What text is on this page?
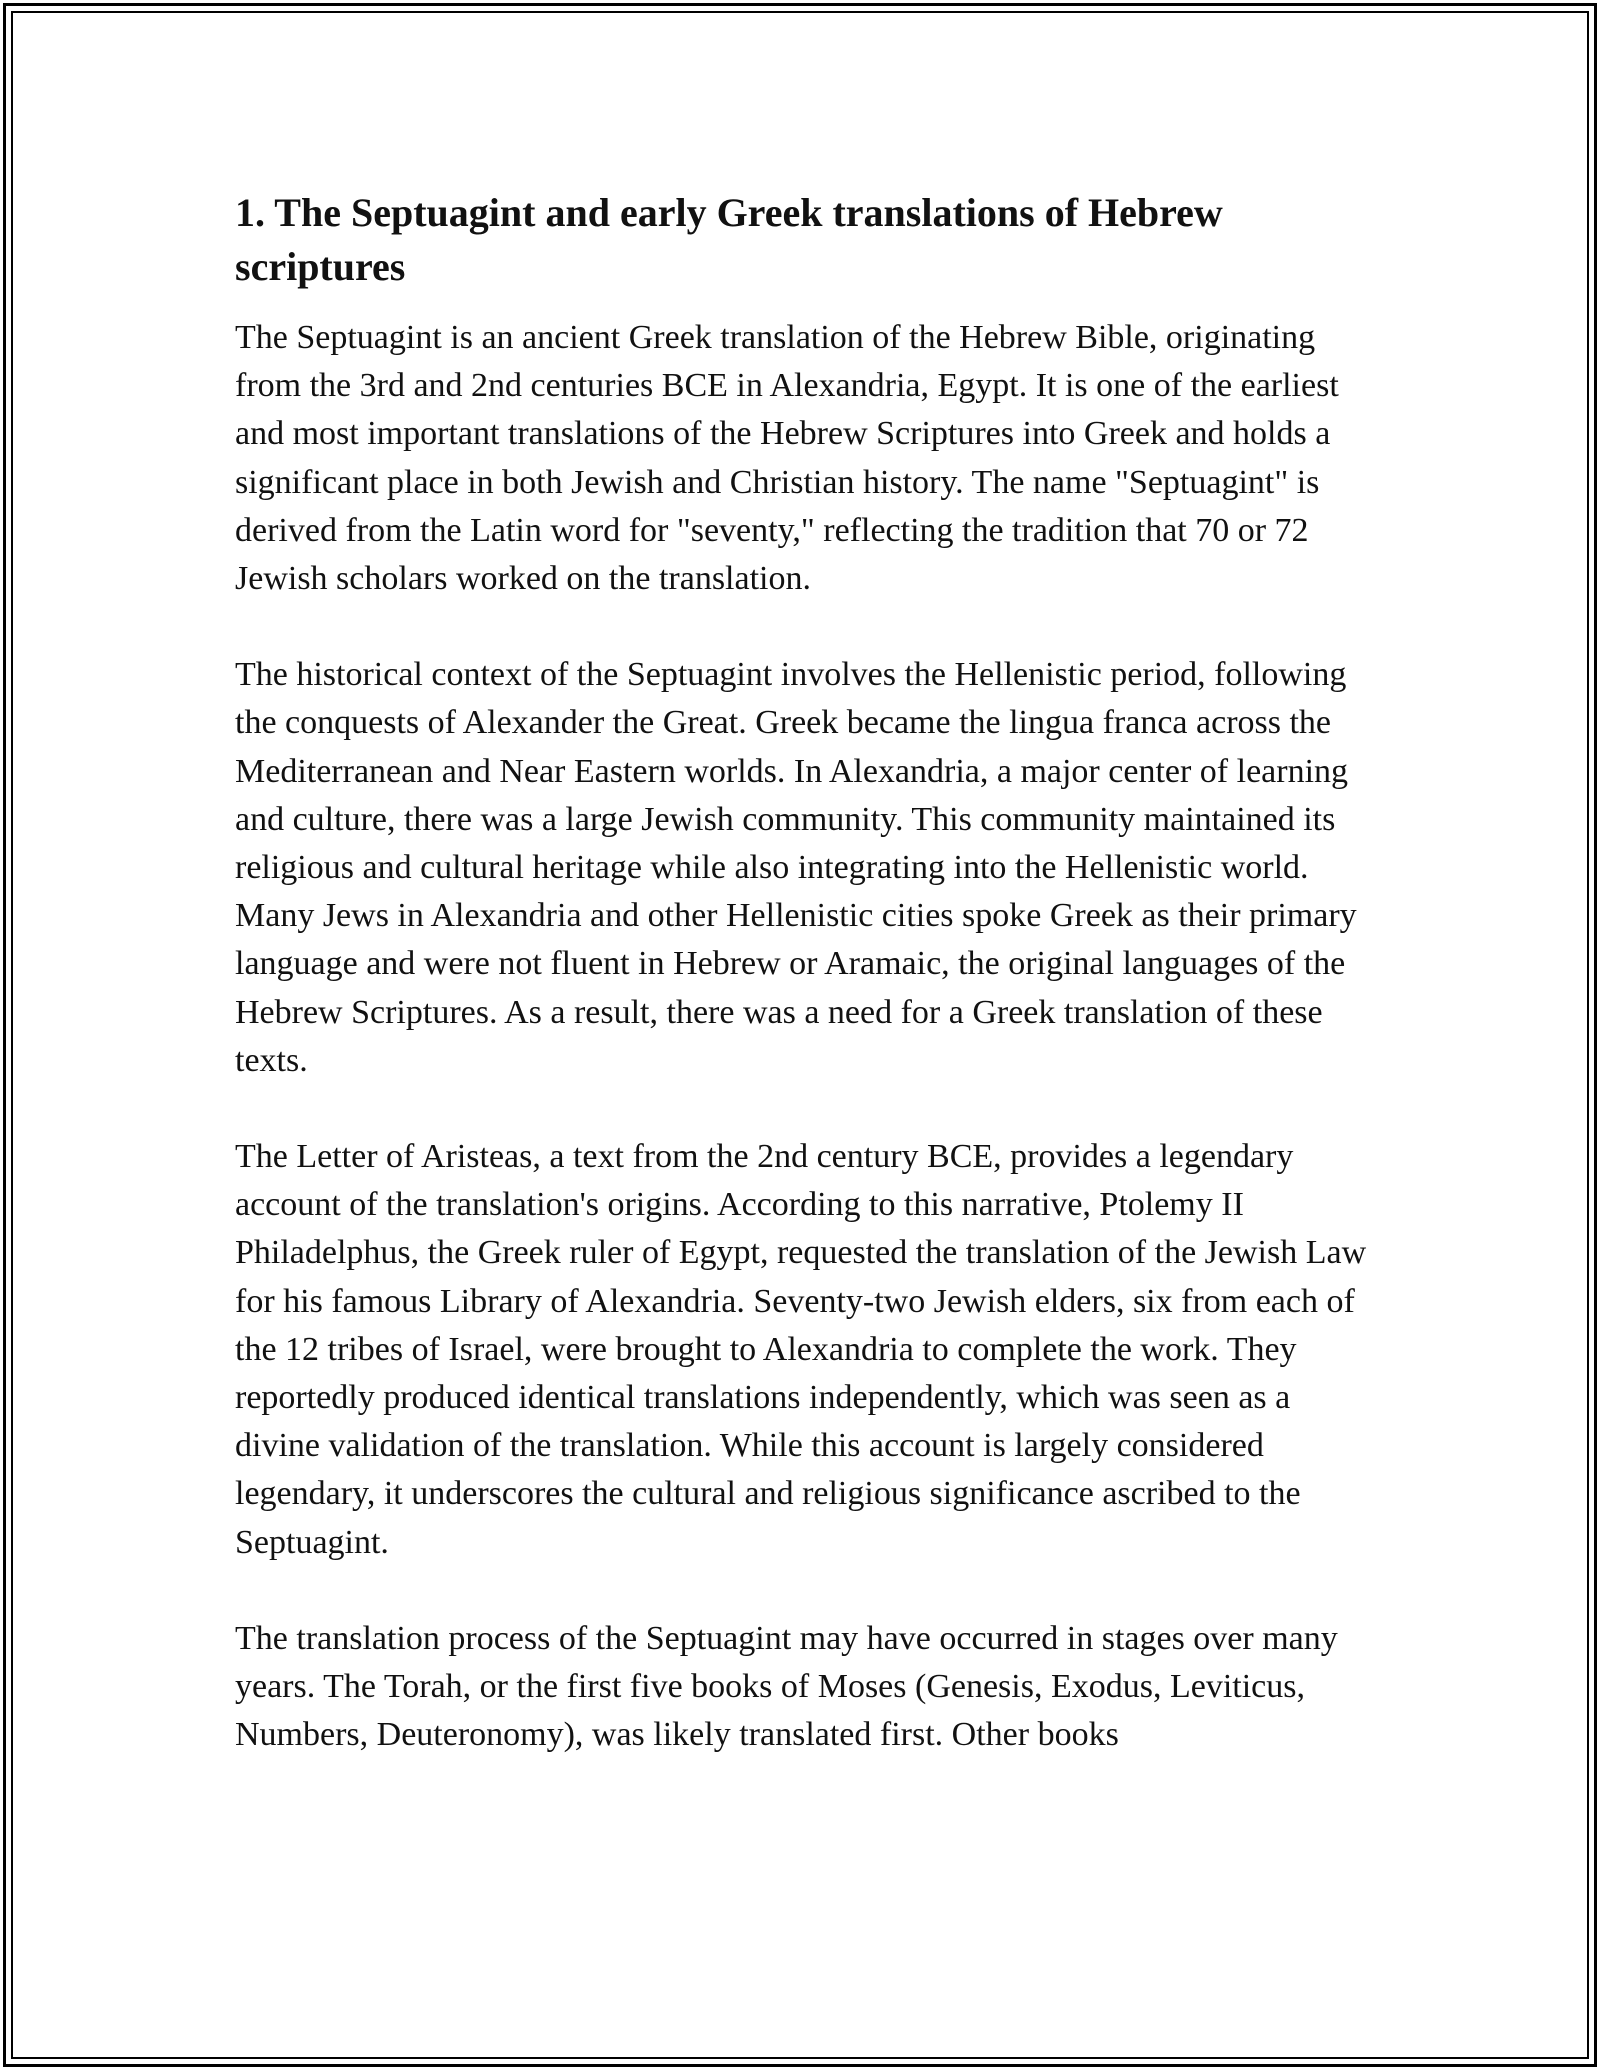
1. The Septuagint and early Greek translations of Hebrew scriptures

The Septuagint is an ancient Greek translation of the Hebrew Bible, originating from the 3rd and 2nd centuries BCE in Alexandria, Egypt. It is one of the earliest and most important translations of the Hebrew Scriptures into Greek and holds a significant place in both Jewish and Christian history. The name "Septuagint" is derived from the Latin word for "seventy," reflecting the tradition that 70 or 72 Jewish scholars worked on the translation.

The historical context of the Septuagint involves the Hellenistic period, following the conquests of Alexander the Great. Greek became the lingua franca across the Mediterranean and Near Eastern worlds. In Alexandria, a major center of learning and culture, there was a large Jewish community. This community maintained its religious and cultural heritage while also integrating into the Hellenistic world. Many Jews in Alexandria and other Hellenistic cities spoke Greek as their primary language and were not fluent in Hebrew or Aramaic, the original languages of the Hebrew Scriptures. As a result, there was a need for a Greek translation of these texts.

The Letter of Aristeas, a text from the 2nd century BCE, provides a legendary account of the translation's origins. According to this narrative, Ptolemy II Philadelphus, the Greek ruler of Egypt, requested the translation of the Jewish Law for his famous Library of Alexandria. Seventy-two Jewish elders, six from each of the 12 tribes of Israel, were brought to Alexandria to complete the work. They reportedly produced identical translations independently, which was seen as a divine validation of the translation. While this account is largely considered legendary, it underscores the cultural and religious significance ascribed to the Septuagint.

The translation process of the Septuagint may have occurred in stages over many years. The Torah, or the first five books of Moses (Genesis, Exodus, Leviticus, Numbers, Deuteronomy), was likely translated first. Other books
